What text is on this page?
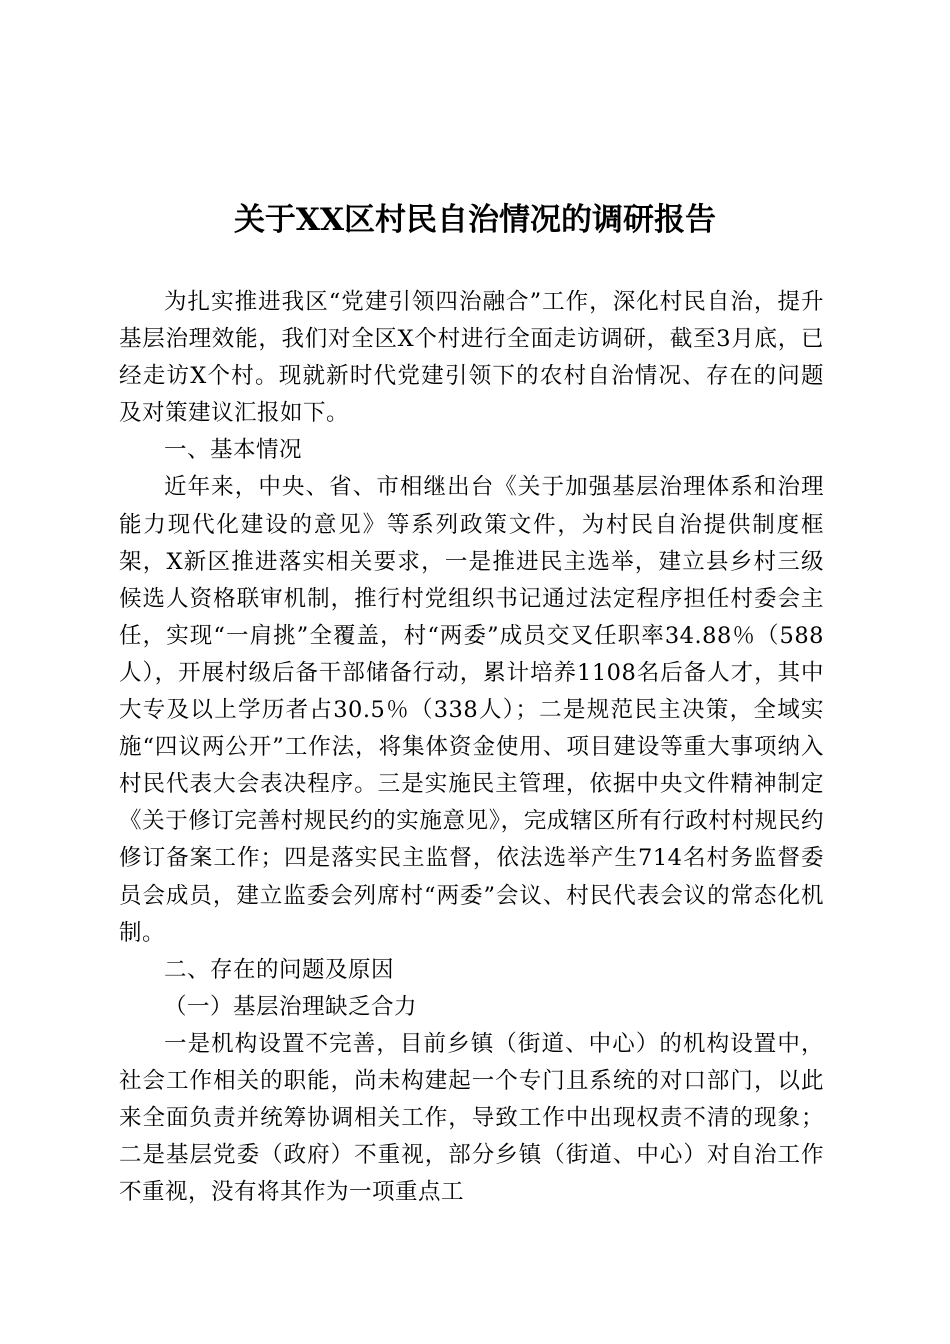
关于XX区村民自治情况的调研报告

为扎实推进我区“党建引领四治融合”工作，深化村民自治，提升基层治理效能，我们对全区X个村进行全面走访调研，截至3月底，已经走访X个村。现就新时代党建引领下的农村自治情况、存在的问题及对策建议汇报如下。

一、基本情况

近年来，中央、省、市相继出台《关于加强基层治理体系和治理能力现代化建设的意见》等系列政策文件，为村民自治提供制度框架，X新区推进落实相关要求，一是推进民主选举，建立县乡村三级候选人资格联审机制，推行村党组织书记通过法定程序担任村委会主任，实现“一肩挑”全覆盖，村“两委”成员交叉任职率34.88％（588人），开展村级后备干部储备行动，累计培养1108名后备人才，其中大专及以上学历者占30.5％（338人）；二是规范民主决策，全域实施“四议两公开”工作法，将集体资金使用、项目建设等重大事项纳入村民代表大会表决程序。三是实施民主管理，依据中央文件精神制定《关于修订完善村规民约的实施意见》，完成辖区所有行政村村规民约修订备案工作；四是落实民主监督，依法选举产生714名村务监督委员会成员，建立监委会列席村“两委”会议、村民代表会议的常态化机制。

二、存在的问题及原因
（一）基层治理缺乏合力

一是机构设置不完善，目前乡镇（街道、中心）的机构设置中，社会工作相关的职能，尚未构建起一个专门且系统的对口部门，以此来全面负责并统筹协调相关工作，导致工作中出现权责不清的现象；二是基层党委（政府）不重视，部分乡镇（街道、中心）对自治工作不重视，没有将其作为一项重点工
